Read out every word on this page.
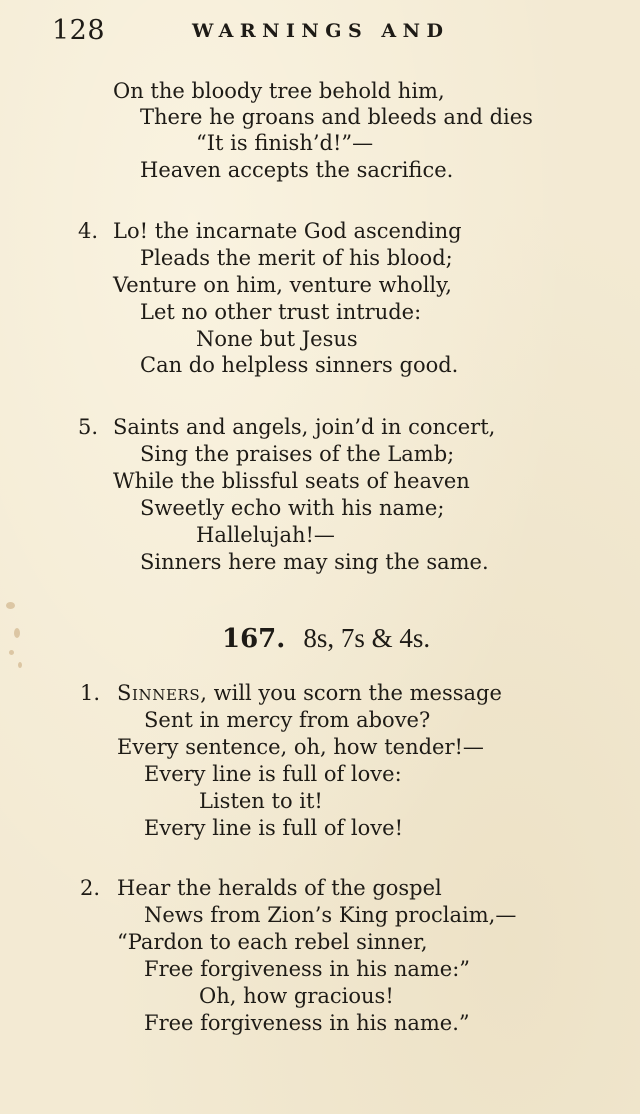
128	WARNINGS AND
On the bloody tree behold him,
There he groans and bleeds and dies
“It is finish’d!”—
Heaven accepts the sacrifice.
4. Lo! the incarnate God ascending
Pleads the merit of his blood;
Venture on him, venture wholly,
Let no other trust intrude:
None but Jesus
Can do helpless sinners good.
5. Saints and angels, join’d in concert,
Sing the praises of the Lamb;
While the blissful seats of heaven
Sweetly echo with his name;
Hallelujah!—
Sinners here may sing the same.
167. 8s, 7s & 4s.
1. Sinners, will you scorn the message
Sent in mercy from above?
Every sentence, oh, how tender!—
Every line is full of love:
Listen to it!
Every line is full of love!
2. Hear the heralds of the gospel
News from Zion’s King proclaim,—
“Pardon to each rebel sinner,
Free forgiveness in his name:”
Oh, how gracious!
Free forgiveness in his name.”
